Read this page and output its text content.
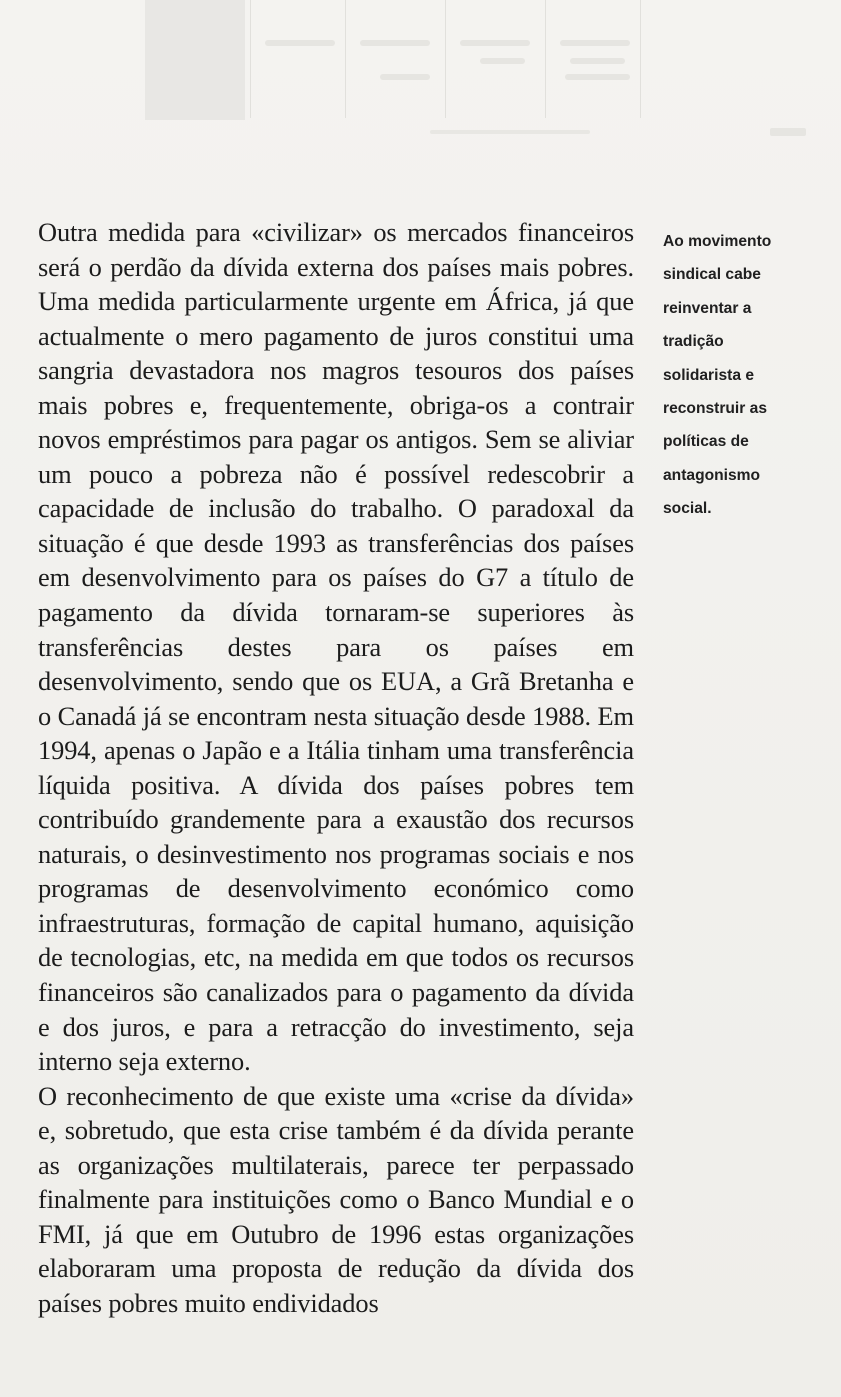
Outra medida para «civilizar» os mercados financeiros será o perdão da dívida externa dos países mais pobres. Uma medida particularmente urgente em África, já que actualmente o mero pagamento de juros constitui uma sangria devastadora nos magros tesouros dos países mais pobres e, frequentemente, obriga-os a contrair novos empréstimos para pagar os antigos. Sem se aliviar um pouco a pobreza não é possível redescobrir a capacidade de inclusão do trabalho. O paradoxal da situação é que desde 1993 as transferências dos países em desenvolvimento para os países do G7 a título de pagamento da dívida tornaram-se superiores às transferências destes para os países em desenvolvimento, sendo que os EUA, a Grã Bretanha e o Canadá já se encontram nesta situação desde 1988. Em 1994, apenas o Japão e a Itália tinham uma transferência líquida positiva. A dívida dos países pobres tem contribuído grandemente para a exaustão dos recursos naturais, o desinvestimento nos programas sociais e nos programas de desenvolvimento económico como infraestruturas, formação de capital humano, aquisição de tecnologias, etc, na medida em que todos os recursos financeiros são canalizados para o pagamento da dívida e dos juros, e para a retracção do investimento, seja interno seja externo.

O reconhecimento de que existe uma «crise da dívida» e, sobretudo, que esta crise também é da dívida perante as organizações multilaterais, parece ter perpassado finalmente para instituições como o Banco Mundial e o FMI, já que em Outubro de 1996 estas organizações elaboraram uma proposta de redução da dívida dos países pobres muito endividados

Ao movimento
sindical cabe
reinventar a
tradição
solidarista e
reconstruir as
políticas de
antagonismo
social.
